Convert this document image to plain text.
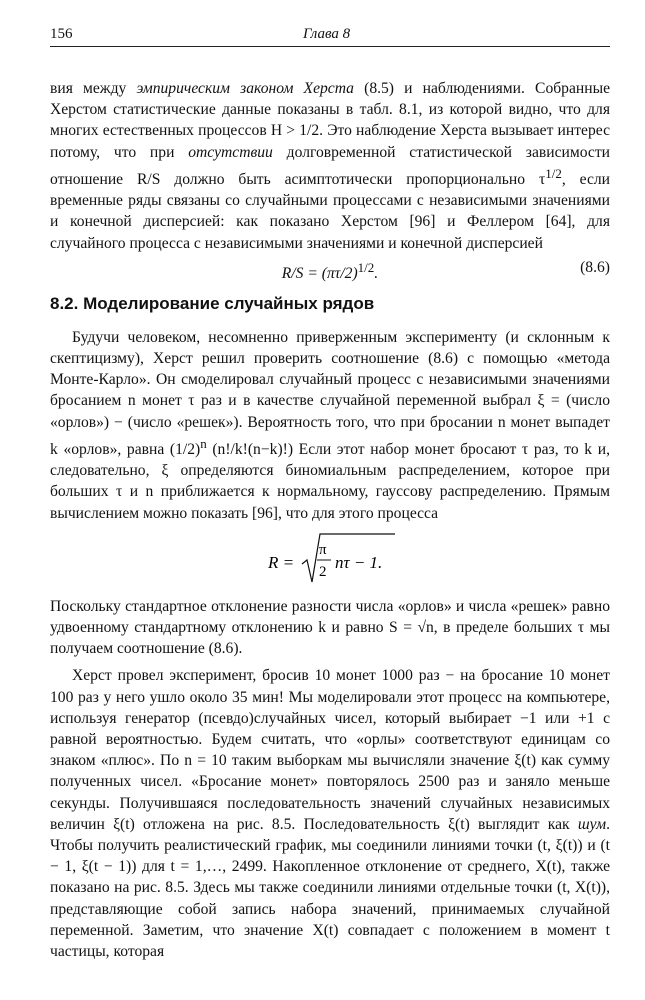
156	Глава 8

вия между эмпирическим законом Херста (8.5) и наблюдениями. Собранные Херстом статистические данные показаны в табл. 8.1, из которой видно, что для многих естественных процессов H > 1/2. Это наблюдение Херста вызывает интерес потому, что при отсутствии долговременной статистической зависимости отношение R/S должно быть асимптотически пропорционально $\tau^{1/2}$, если временные ряды связаны со случайными процессами с независимыми значениями и конечной дисперсией: как показано Херстом [96] и Феллером [64], для случайного процесса с независимыми значениями и конечной дисперсией

$R/S = (\pi\tau/2)^{1/2}$.	(8.6)
8.2. Моделирование случайных рядов

Будучи человеком, несомненно приверженным эксперименту (и склонным к скептицизму), Херст решил проверить соотношение (8.6) с помощью «метода Монте-Карло». Он смоделировал случайный процесс с независимыми значениями бросанием n монет τ раз и в качестве случайной переменной выбрал ξ = (число «орлов») − (число «решек»). Вероятность того, что при бросании n монет выпадет k «орлов», равна $(1/2)^n$ (n!/k!(n−k)!) Если этот набор монет бросают τ раз, то k и, следовательно, ξ определяются биномиальным распределением, которое при больших τ и n приближается к нормальному, гауссову распределению. Прямым вычислением можно показать [96], что для этого процесса

R =
π
2 nτ − 1.

Поскольку стандартное отклонение разности числа «орлов» и числа «решек» равно удвоенному стандартному отклонению k и равно S = √n, в пределе больших τ мы получаем соотношение (8.6).

Херст провел эксперимент, бросив 10 монет 1000 раз − на бросание 10 монет 100 раз у него ушло около 35 мин! Мы моделировали этот процесс на компьютере, используя генератор (псевдо)случайных чисел, который выбирает −1 или +1 с равной вероятностью. Будем считать, что «орлы» соответствуют единицам со знаком «плюс». По n = 10 таким выборкам мы вычисляли значение ξ(t) как сумму полученных чисел. «Бросание монет» повторялось 2500 раз и заняло меньше секунды. Получившаяся последовательность значений случайных независимых величин ξ(t) отложена на рис. 8.5. Последовательность ξ(t) выглядит как шум. Чтобы получить реалистический график, мы соединили линиями точки (t, ξ(t)) и (t − 1, ξ(t − 1)) для t = 1,…, 2499. Накопленное отклонение от среднего, X(t), также показано на рис. 8.5. Здесь мы также соединили линиями отдельные точки (t, X(t)), представляющие собой запись набора значений, принимаемых случайной переменной. Заметим, что значение X(t) совпадает с положением в момент t частицы, которая
